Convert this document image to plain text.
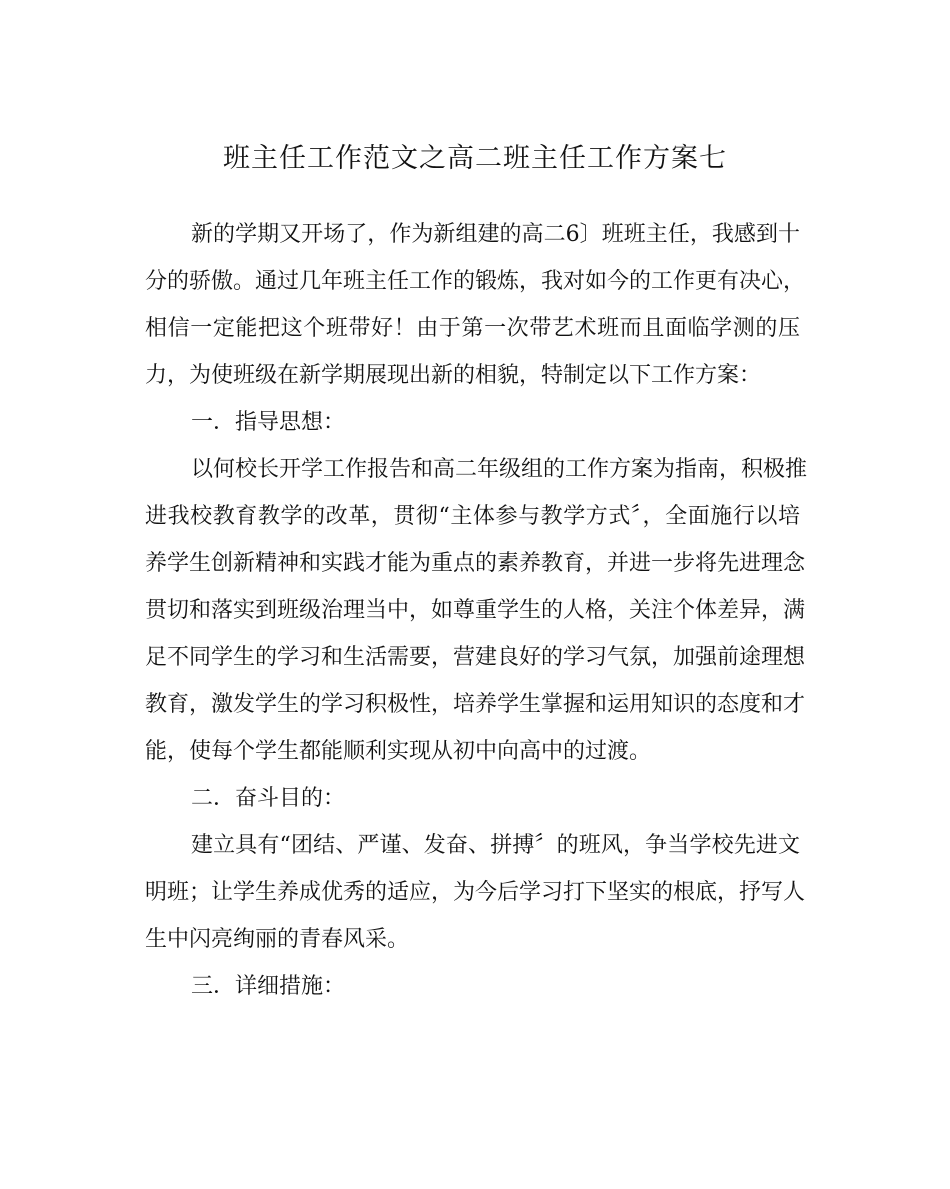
班主任工作范文之高二班主任工作方案七
新的学期又开场了，作为新组建的高二6〕班班主任，我感到十
分的骄傲。通过几年班主任工作的锻炼，我对如今的工作更有决心，
相信一定能把这个班带好！由于第一次带艺术班而且面临学测的压
力，为使班级在新学期展现出新的相貌，特制定以下工作方案：
一．指导思想：
以何校长开学工作报告和高二年级组的工作方案为指南，积极推
进我校教育教学的改革，贯彻“主体参与教学方式〞，全面施行以培
养学生创新精神和实践才能为重点的素养教育，并进一步将先进理念
贯切和落实到班级治理当中，如尊重学生的人格，关注个体差异，满
足不同学生的学习和生活需要，营建良好的学习气氛，加强前途理想
教育，激发学生的学习积极性，培养学生掌握和运用知识的态度和才
能，使每个学生都能顺利实现从初中向高中的过渡。
二．奋斗目的：
建立具有“团结、严谨、发奋、拼搏〞的班风，争当学校先进文
明班；让学生养成优秀的适应，为今后学习打下坚实的根底，抒写人
生中闪亮绚丽的青春风采。
三．详细措施：
